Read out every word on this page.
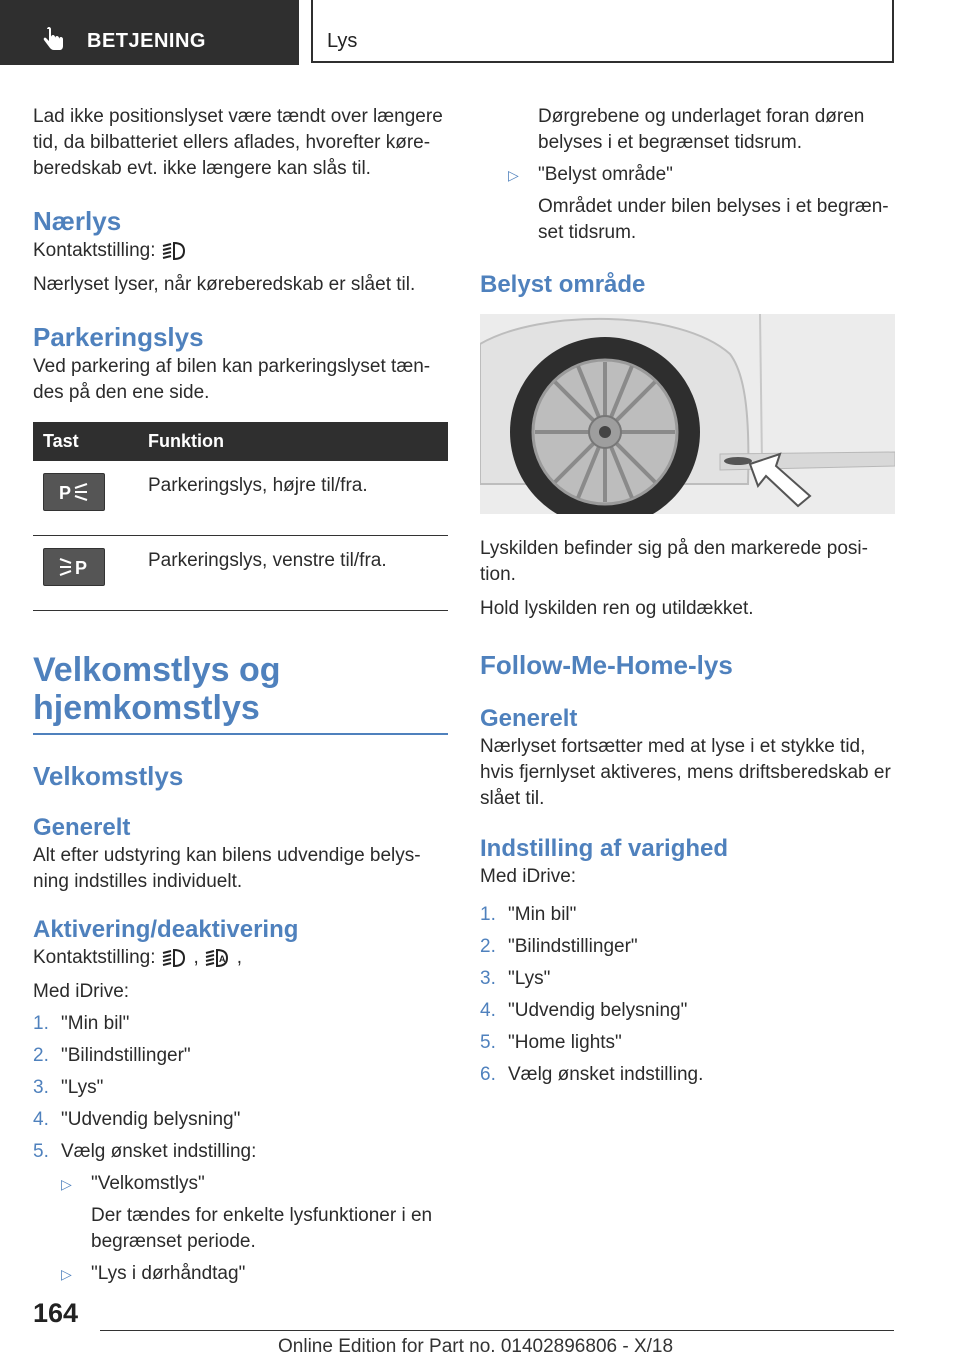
BETJENING	Lys

Lad ikke positionslyset være tændt over længere tid, da bilbatteriet ellers aflades, hvorefter køre-beredskab evt. ikke længere kan slås til.

Nærlys

Kontaktstilling:

Nærlyset lyser, når køreberedskab er slået til.

Parkeringslys

Ved parkering af bilen kan parkeringslyset tæn-des på den ene side.

Tast	Funktion

P	Parkeringslys, højre til/fra.

P	Parkeringslys, venstre til/fra.
Velkomstlys og
hjemkomstlys
Velkomstlys
Generelt

Alt efter udstyring kan bilens udvendige belys-ning indstilles individuelt.

Aktivering/deaktivering

Kontaktstilling: , A ,

Med iDrive:

1. "Min bil"
2. "Bilindstillinger"
3. "Lys"
4. "Udvendig belysning"
5. Vælg ønsket indstilling:
▷	"Velkomstlys"

Der tændes for enkelte lysfunktioner i en begrænset periode.

▷	"Lys i dørhåndtag"

Dørgrebene og underlaget foran døren belyses i et begrænset tidsrum.

▷	"Belyst område"

Området under bilen belyses i et begræn-set tidsrum.

Belyst område

Lyskilden befinder sig på den markerede posi-tion.

Hold lyskilden ren og utildækket.

Follow-Me-Home-lys
Generelt

Nærlyset fortsætter med at lyse i et stykke tid, hvis fjernlyset aktiveres, mens driftsberedskab er slået til.

Indstilling af varighed

Med iDrive:

1. "Min bil"
2. "Bilindstillinger"
3. "Lys"
4. "Udvendig belysning"
5. "Home lights"
6. Vælg ønsket indstilling.
164
Online Edition for Part no. 01402896806 - X/18
